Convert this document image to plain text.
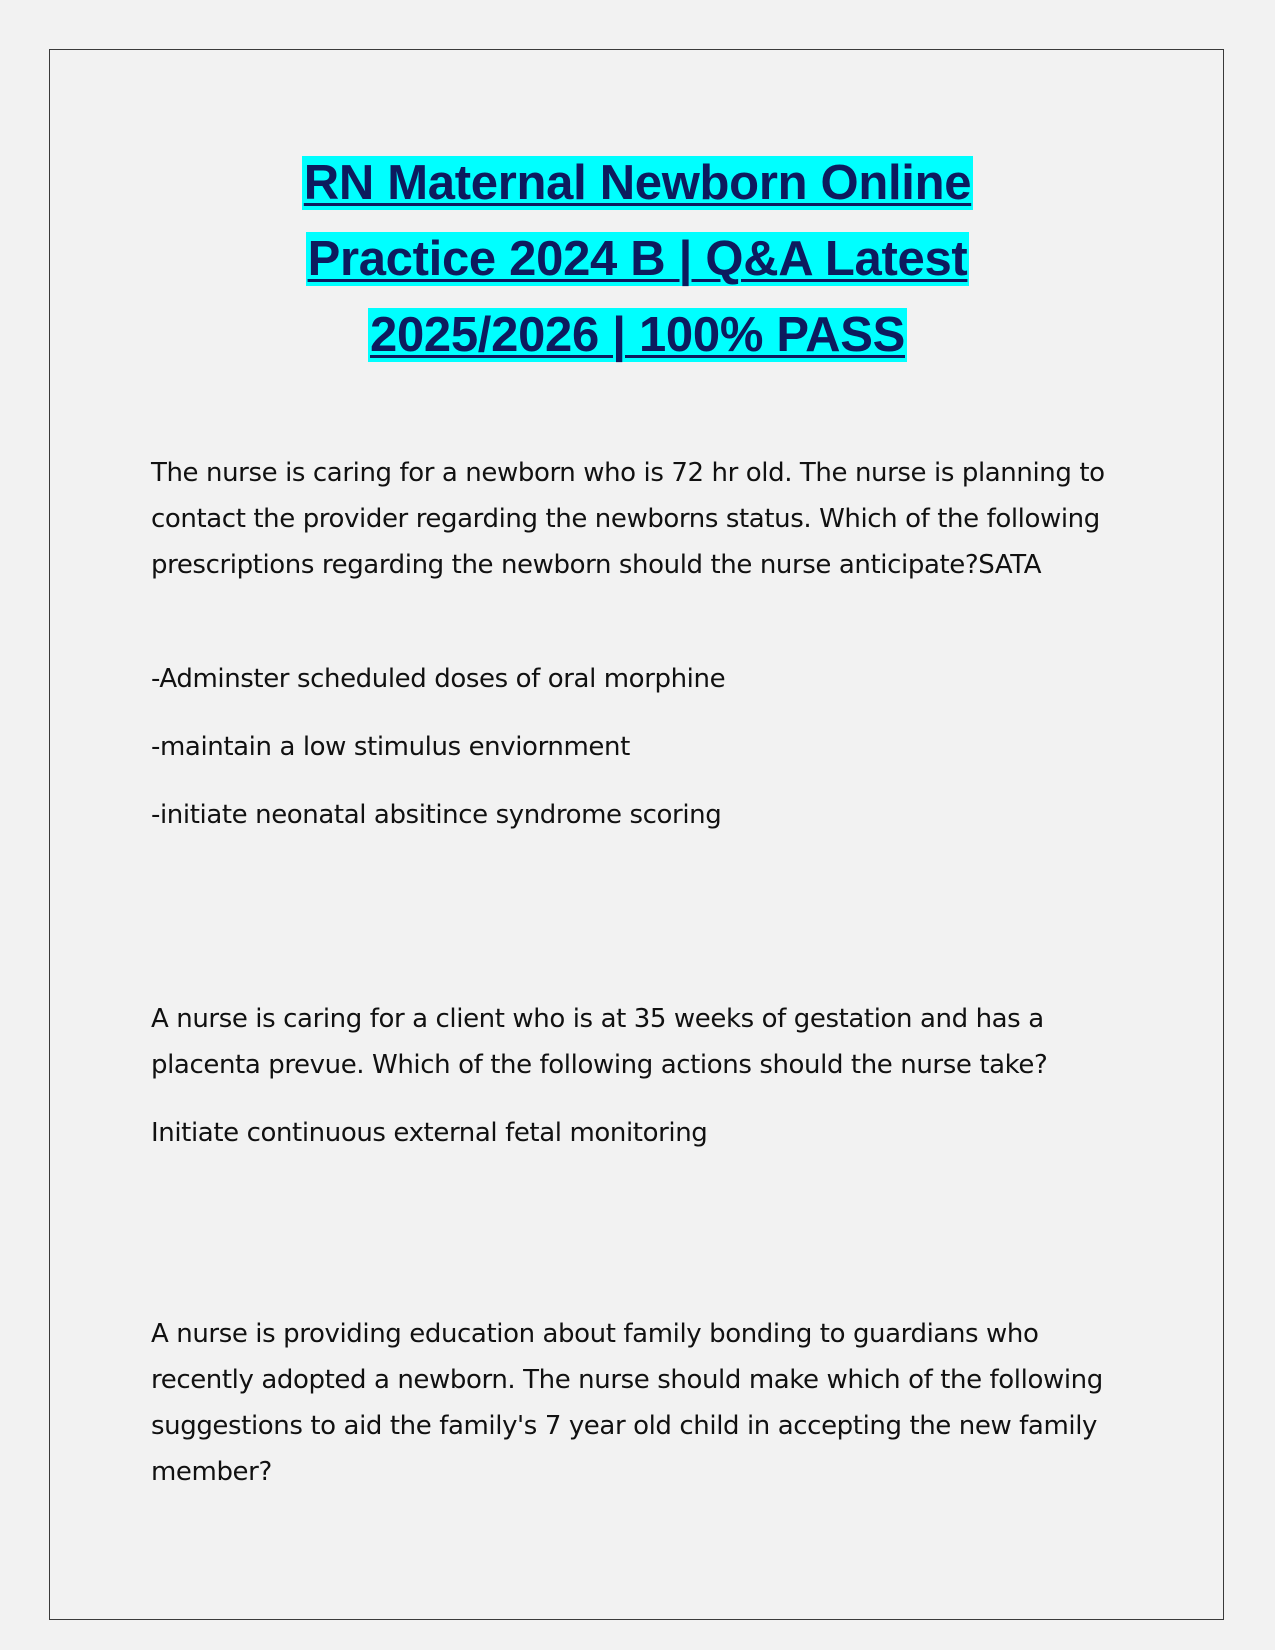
RN Maternal Newborn Online
Practice 2024 B | Q&A Latest
2025/2026 | 100% PASS

The nurse is caring for a newborn who is 72 hr old. The nurse is planning to contact the provider regarding the newborns status. Which of the following prescriptions regarding the newborn should the nurse anticipate?SATA

-Adminster scheduled doses of oral morphine

-maintain a low stimulus enviornment

-initiate neonatal absitince syndrome scoring

A nurse is caring for a client who is at 35 weeks of gestation and has a placenta prevue. Which of the following actions should the nurse take?

Initiate continuous external fetal monitoring

A nurse is providing education about family bonding to guardians who recently adopted a newborn. The nurse should make which of the following suggestions to aid the family's 7 year old child in accepting the new family member?
